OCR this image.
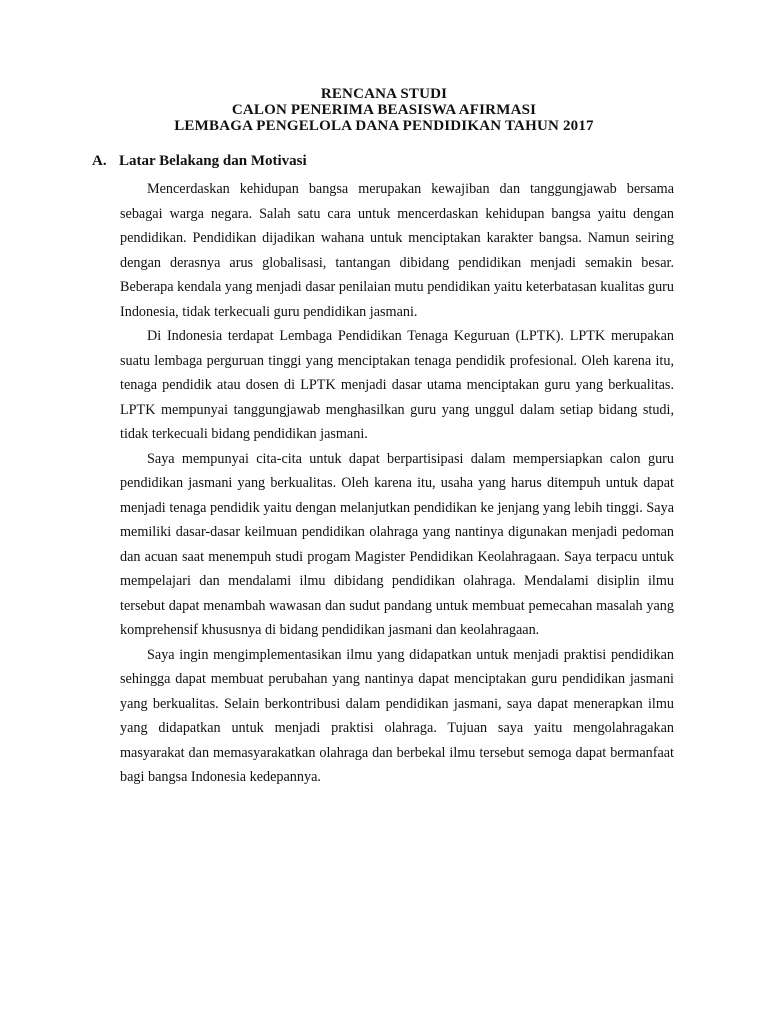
RENCANA STUDI
CALON PENERIMA BEASISWA AFIRMASI
LEMBAGA PENGELOLA DANA PENDIDIKAN TAHUN 2017
A. Latar Belakang dan Motivasi

Mencerdaskan kehidupan bangsa merupakan kewajiban dan tanggungjawab bersama sebagai warga negara. Salah satu cara untuk mencerdaskan kehidupan bangsa yaitu dengan pendidikan. Pendidikan dijadikan wahana untuk menciptakan karakter bangsa. Namun seiring dengan derasnya arus globalisasi, tantangan dibidang pendidikan menjadi semakin besar. Beberapa kendala yang menjadi dasar penilaian mutu pendidikan yaitu keterbatasan kualitas guru Indonesia, tidak terkecuali guru pendidikan jasmani.

Di Indonesia terdapat Lembaga Pendidikan Tenaga Keguruan (LPTK). LPTK merupakan suatu lembaga perguruan tinggi yang menciptakan tenaga pendidik profesional. Oleh karena itu, tenaga pendidik atau dosen di LPTK menjadi dasar utama menciptakan guru yang berkualitas. LPTK mempunyai tanggungjawab menghasilkan guru yang unggul dalam setiap bidang studi, tidak terkecuali bidang pendidikan jasmani.

Saya mempunyai cita-cita untuk dapat berpartisipasi dalam mempersiapkan calon guru pendidikan jasmani yang berkualitas. Oleh karena itu, usaha yang harus ditempuh untuk dapat menjadi tenaga pendidik yaitu dengan melanjutkan pendidikan ke jenjang yang lebih tinggi. Saya memiliki dasar-dasar keilmuan pendidikan olahraga yang nantinya digunakan menjadi pedoman dan acuan saat menempuh studi progam Magister Pendidikan Keolahragaan. Saya terpacu untuk mempelajari dan mendalami ilmu dibidang pendidikan olahraga. Mendalami disiplin ilmu tersebut dapat menambah wawasan dan sudut pandang untuk membuat pemecahan masalah yang komprehensif khususnya di bidang pendidikan jasmani dan keolahragaan.

Saya ingin mengimplementasikan ilmu yang didapatkan untuk menjadi praktisi pendidikan sehingga dapat membuat perubahan yang nantinya dapat menciptakan guru pendidikan jasmani yang berkualitas. Selain berkontribusi dalam pendidikan jasmani, saya dapat menerapkan ilmu yang didapatkan untuk menjadi praktisi olahraga. Tujuan saya yaitu mengolahragakan masyarakat dan memasyarakatkan olahraga dan berbekal ilmu tersebut semoga dapat bermanfaat bagi bangsa Indonesia kedepannya.
